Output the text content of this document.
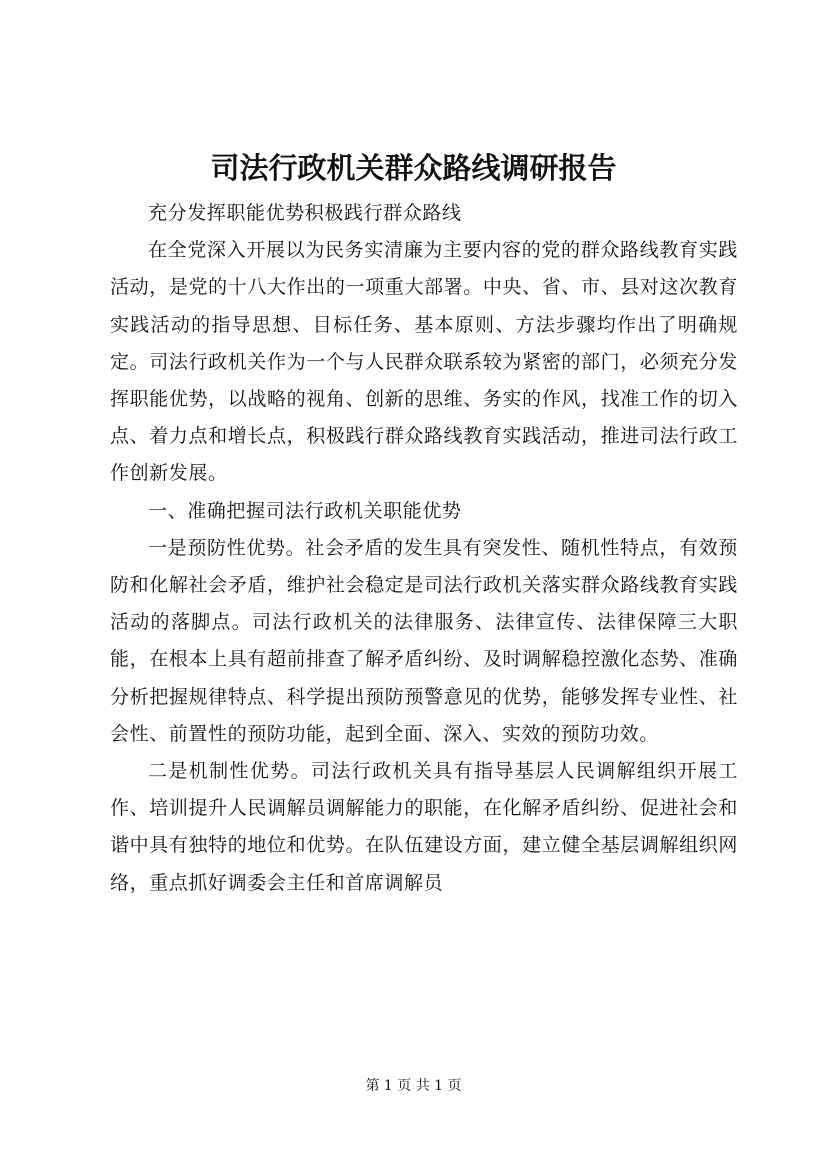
司法行政机关群众路线调研报告

充分发挥职能优势积极践行群众路线

在全党深入开展以为民务实清廉为主要内容的党的群众路线教育实践活动，是党的十八大作出的一项重大部署。中央、省、市、县对这次教育实践活动的指导思想、目标任务、基本原则、方法步骤均作出了明确规定。司法行政机关作为一个与人民群众联系较为紧密的部门，必须充分发挥职能优势，以战略的视角、创新的思维、务实的作风，找准工作的切入点、着力点和增长点，积极践行群众路线教育实践活动，推进司法行政工作创新发展。

一、准确把握司法行政机关职能优势

一是预防性优势。社会矛盾的发生具有突发性、随机性特点，有效预防和化解社会矛盾，维护社会稳定是司法行政机关落实群众路线教育实践活动的落脚点。司法行政机关的法律服务、法律宣传、法律保障三大职能，在根本上具有超前排查了解矛盾纠纷、及时调解稳控激化态势、准确分析把握规律特点、科学提出预防预警意见的优势，能够发挥专业性、社会性、前置性的预防功能，起到全面、深入、实效的预防功效。

二是机制性优势。司法行政机关具有指导基层人民调解组织开展工作、培训提升人民调解员调解能力的职能，在化解矛盾纠纷、促进社会和谐中具有独特的地位和优势。在队伍建设方面，建立健全基层调解组织网络，重点抓好调委会主任和首席调解员

第 1 页 共 1 页
